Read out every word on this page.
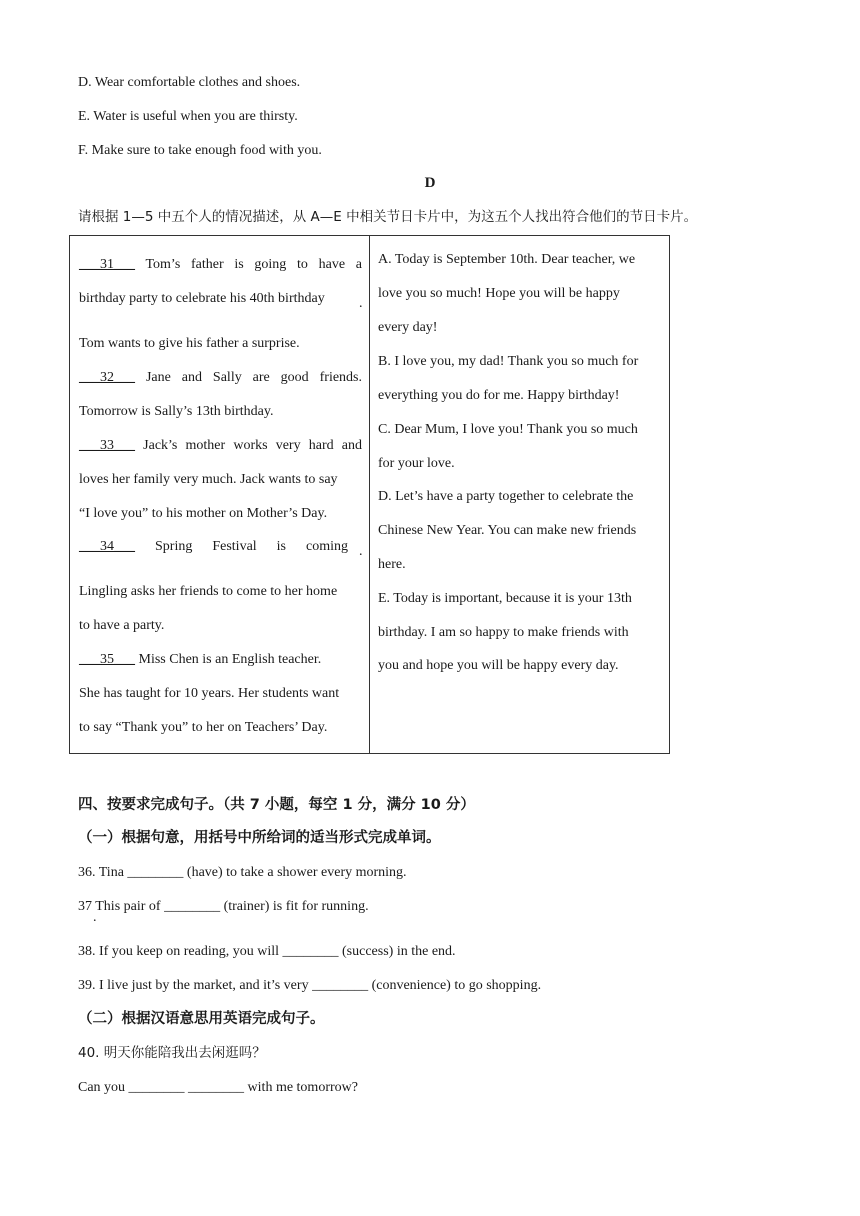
D. Wear comfortable clothes and shoes.
E. Water is useful when you are thirsty.
F. Make sure to take enough food with you.
D
请根据 1—5 中五个人的情况描述，从 A—E 中相关节日卡片中，为这五个人找出符合他们的节日卡片。
___31___ Tom’s father is going to have a
birthday party to celebrate his 40th birthday .
Tom wants to give his father a surprise.
___32___ Jane and Sally are good friends.
Tomorrow is Sally’s 13th birthday.
___33___ Jack’s mother works very hard and
loves her family very much. Jack wants to say
“I love you” to his mother on Mother’s Day.
___34___ Spring Festival is coming .
Lingling asks her friends to come to her home
to have a party.
___35___ Miss Chen is an English teacher.
She has taught for 10 years. Her students want
to say “Thank you” to her on Teachers’ Day.

A. Today is September 10th. Dear teacher, we
love you so much! Hope you will be happy
every day!
B. I love you, my dad! Thank you so much for
everything you do for me. Happy birthday!
C. Dear Mum, I love you! Thank you so much
for your love.
D. Let’s have a party together to celebrate the
Chinese New Year. You can make new friends
here.
E. Today is important, because it is your 13th
birthday. I am so happy to make friends with
you and hope you will be happy every day.
四、按要求完成句子。（共 7 小题，每空 1 分，满分 10 分）
（一）根据句意，用括号中所给词的适当形式完成单词。
36. Tina ________ (have) to take a shower every morning.
37 This pair of ________ (trainer) is fit for running.
.
38. If you keep on reading, you will ________ (success) in the end.
39. I live just by the market, and it’s very ________ (convenience) to go shopping.
（二）根据汉语意思用英语完成句子。
40. 明天你能陪我出去闲逛吗？
Can you ________ ________ with me tomorrow?
